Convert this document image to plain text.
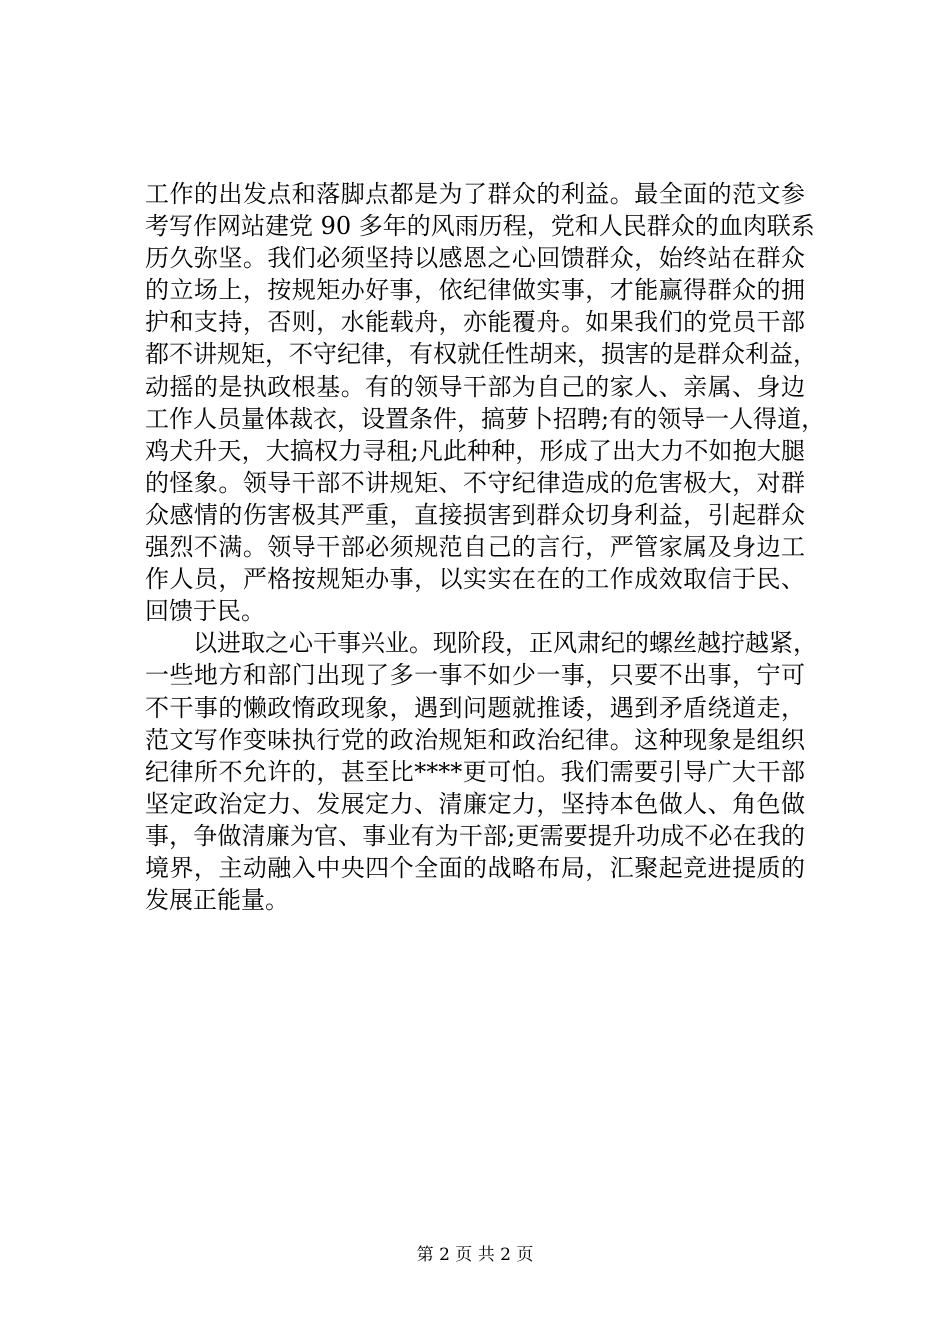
工作的出发点和落脚点都是为了群众的利益。最全面的范文参
考写作网站建党 90 多年的风雨历程，党和人民群众的血肉联系
历久弥坚。我们必须坚持以感恩之心回馈群众，始终站在群众
的立场上，按规矩办好事，依纪律做实事，才能赢得群众的拥
护和支持，否则，水能载舟，亦能覆舟。如果我们的党员干部
都不讲规矩，不守纪律，有权就任性胡来，损害的是群众利益，
动摇的是执政根基。有的领导干部为自己的家人、亲属、身边
工作人员量体裁衣，设置条件，搞萝卜招聘;有的领导一人得道，
鸡犬升天，大搞权力寻租;凡此种种，形成了出大力不如抱大腿
的怪象。领导干部不讲规矩、不守纪律造成的危害极大，对群
众感情的伤害极其严重，直接损害到群众切身利益，引起群众
强烈不满。领导干部必须规范自己的言行，严管家属及身边工
作人员，严格按规矩办事，以实实在在的工作成效取信于民、
回馈于民。
　　以进取之心干事兴业。现阶段，正风肃纪的螺丝越拧越紧，
一些地方和部门出现了多一事不如少一事，只要不出事，宁可
不干事的懒政惰政现象，遇到问题就推诿，遇到矛盾绕道走，
范文写作变味执行党的政治规矩和政治纪律。这种现象是组织
纪律所不允许的，甚至比****更可怕。我们需要引导广大干部
坚定政治定力、发展定力、清廉定力，坚持本色做人、角色做
事，争做清廉为官、事业有为干部;更需要提升功成不必在我的
境界，主动融入中央四个全面的战略布局，汇聚起竞进提质的
发展正能量。
第 2 页 共 2 页
